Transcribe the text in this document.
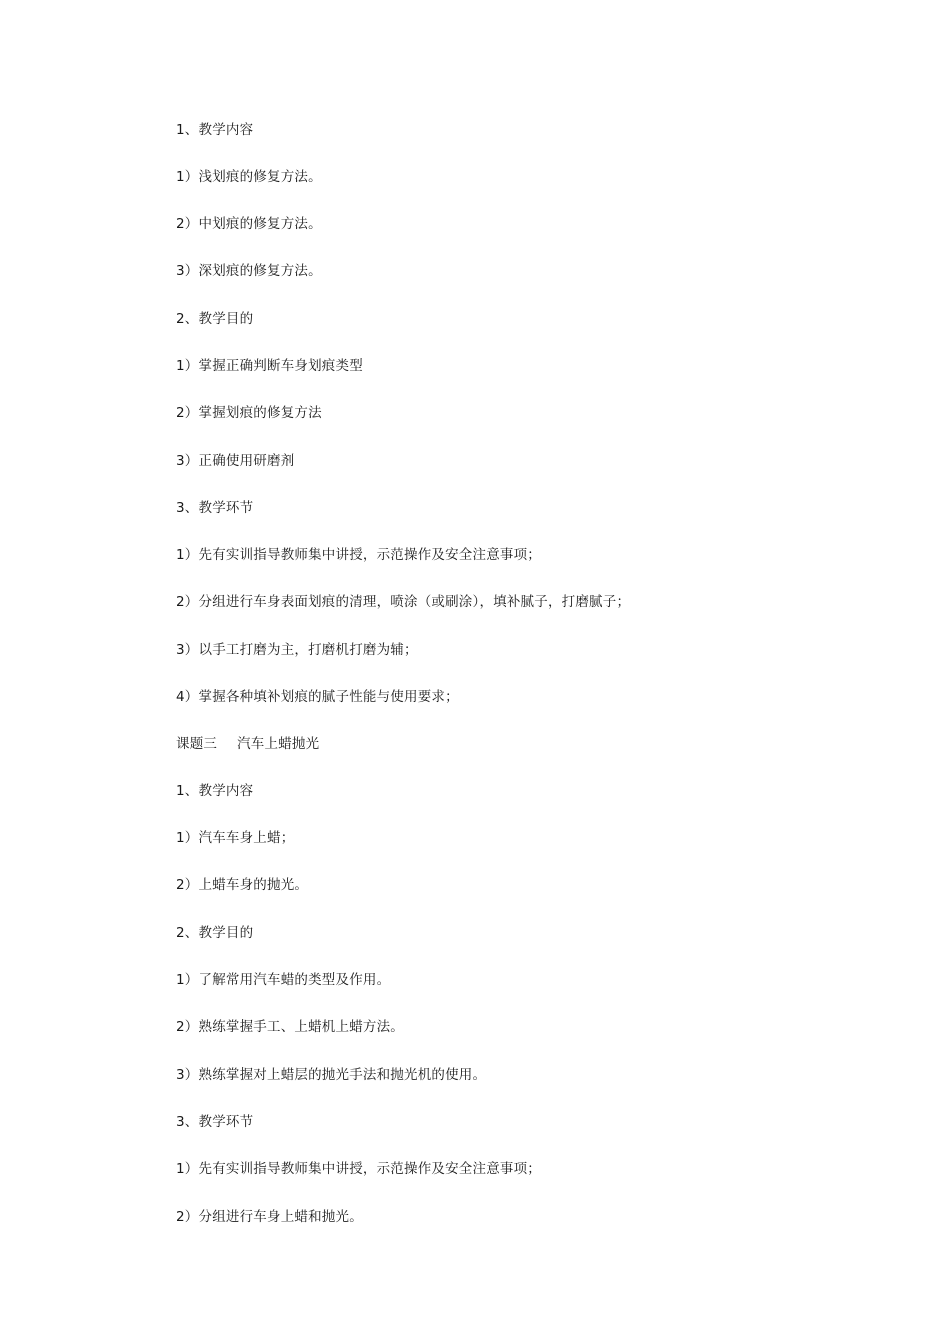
1、教学内容
1）浅划痕的修复方法。
2）中划痕的修复方法。
3）深划痕的修复方法。
2、教学目的
1）掌握正确判断车身划痕类型
2）掌握划痕的修复方法
3）正确使用研磨剂
3、教学环节
1）先有实训指导教师集中讲授，示范操作及安全注意事项；
2）分组进行车身表面划痕的清理，喷涂（或刷涂），填补腻子，打磨腻子；
3）以手工打磨为主，打磨机打磨为辅；
4）掌握各种填补划痕的腻子性能与使用要求；
课题三 汽车上蜡抛光
1、教学内容
1）汽车车身上蜡；
2）上蜡车身的抛光。
2、教学目的
1）了解常用汽车蜡的类型及作用。
2）熟练掌握手工、上蜡机上蜡方法。
3）熟练掌握对上蜡层的抛光手法和抛光机的使用。
3、教学环节
1）先有实训指导教师集中讲授，示范操作及安全注意事项；
2）分组进行车身上蜡和抛光。
